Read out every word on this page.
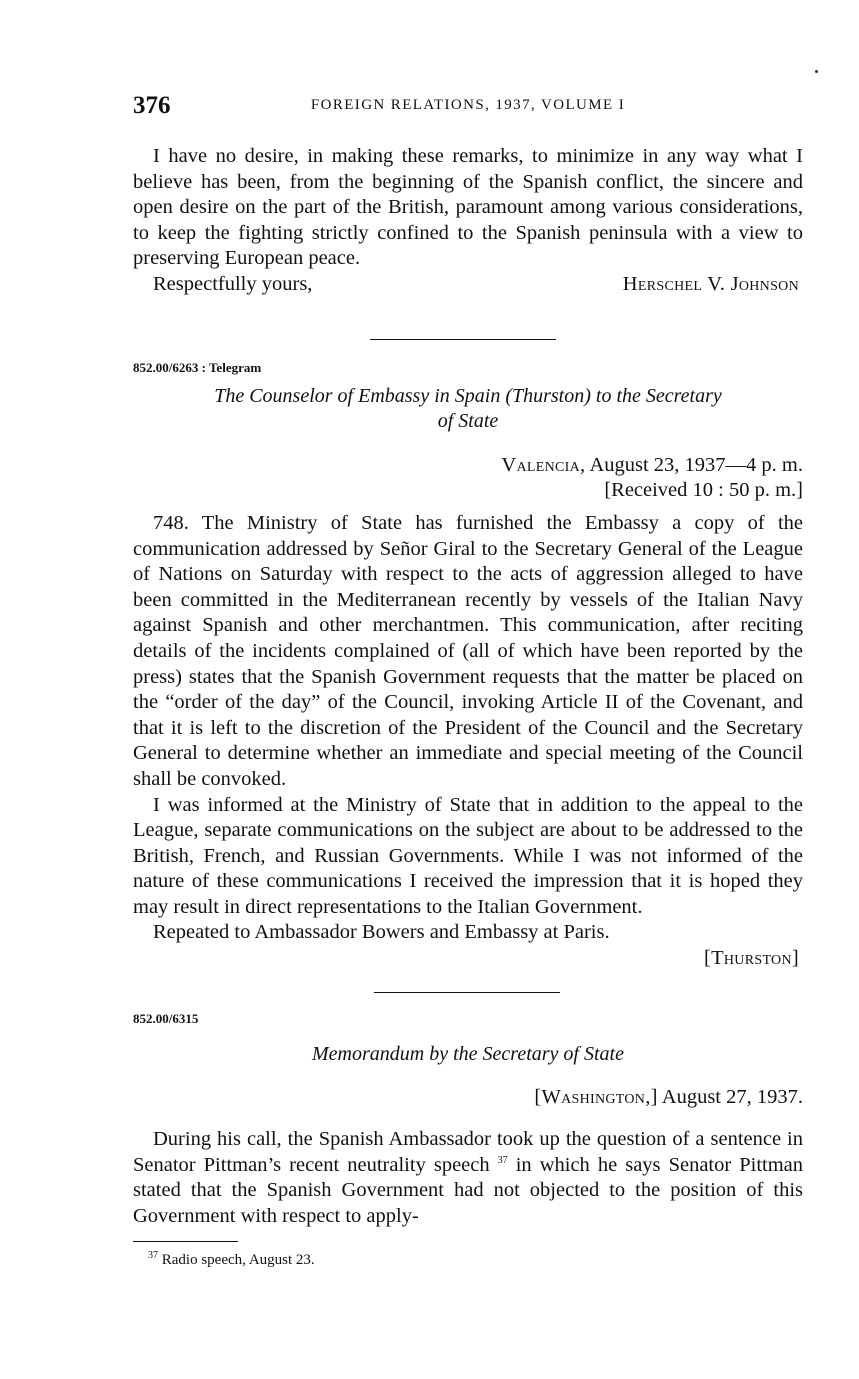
376	FOREIGN RELATIONS, 1937, VOLUME I

I have no desire, in making these remarks, to minimize in any way what I believe has been, from the beginning of the Spanish conflict, the sincere and open desire on the part of the British, paramount among various considerations, to keep the fighting strictly confined to the Spanish peninsula with a view to preserving European peace.

Respectfully yours,	Herschel V. Johnson

852.00/6263 : Telegram

The Counselor of Embassy in Spain (Thurston) to the Secretary

of State

Valencia, August 23, 1937—4 p. m.

[Received 10 : 50 p. m.]

748. The Ministry of State has furnished the Embassy a copy of the communication addressed by Señor Giral to the Secretary General of the League of Nations on Saturday with respect to the acts of aggression alleged to have been committed in the Mediterranean recently by vessels of the Italian Navy against Spanish and other merchantmen. This communication, after reciting details of the incidents complained of (all of which have been reported by the press) states that the Spanish Government requests that the matter be placed on the “order of the day” of the Council, invoking Article II of the Covenant, and that it is left to the discretion of the President of the Council and the Secretary General to determine whether an immediate and special meeting of the Council shall be convoked.

I was informed at the Ministry of State that in addition to the appeal to the League, separate communications on the subject are about to be addressed to the British, French, and Russian Governments. While I was not informed of the nature of these communications I received the impression that it is hoped they may result in direct representations to the Italian Government.

Repeated to Ambassador Bowers and Embassy at Paris.

[Thurston]

852.00/6315

Memorandum by the Secretary of State

[Washington,] August 27, 1937.

During his call, the Spanish Ambassador took up the question of a sentence in Senator Pittman’s recent neutrality speech $^{37}$ in which he says Senator Pittman stated that the Spanish Government had not objected to the position of this Government with respect to apply-

$^{37}$ Radio speech, August 23.
